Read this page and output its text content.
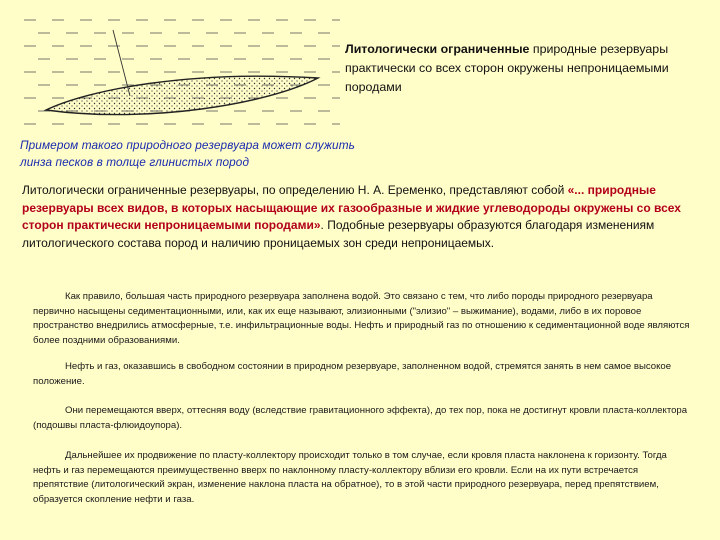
Литологически ограниченные природные резервуары практически со всех сторон окружены непроницаемыми породами
Примером такого природного резервуара может служить линза песков в толще глинистых пород
Литологически ограниченные резервуары, по определению Н. А. Еременко, представляют собой «... природные резервуары всех видов, в которых насыщающие их газообразные и жидкие углеводороды окружены со всех сторон практически непроницаемыми породами». Подобные резервуары образуются благодаря изменениям литологического состава пород и наличию проницаемых зон среди непроницаемых.
Как правило, большая часть природного резервуара заполнена водой. Это связано с тем, что либо породы природного резервуара первично насыщены седиментационными, или, как их еще называют, элизионными ("элизио" – выжимание), водами, либо в их поровое пространство внедрились атмосферные, т.е. инфильтрационные воды. Нефть и природный газ по отношению к седиментационной воде являются более поздними образованиями.
Нефть и газ, оказавшись в свободном состоянии в природном резервуаре, заполненном водой, стремятся занять в нем самое высокое положение.
Они перемещаются вверх, оттесняя воду (вследствие гравитационного эффекта), до тех пор, пока не достигнут кровли пласта-коллектора (подошвы пласта-флюидоупора).
Дальнейшее их продвижение по пласту-коллектору происходит только в том случае, если кровля пласта наклонена к горизонту. Тогда нефть и газ перемещаются преимущественно вверх по наклонному пласту-коллектору вблизи его кровли. Если на их пути встречается препятствие (литологический экран, изменение наклона пласта на обратное), то в этой части природного резервуара, перед препятствием, образуется скопление нефти и газа.
